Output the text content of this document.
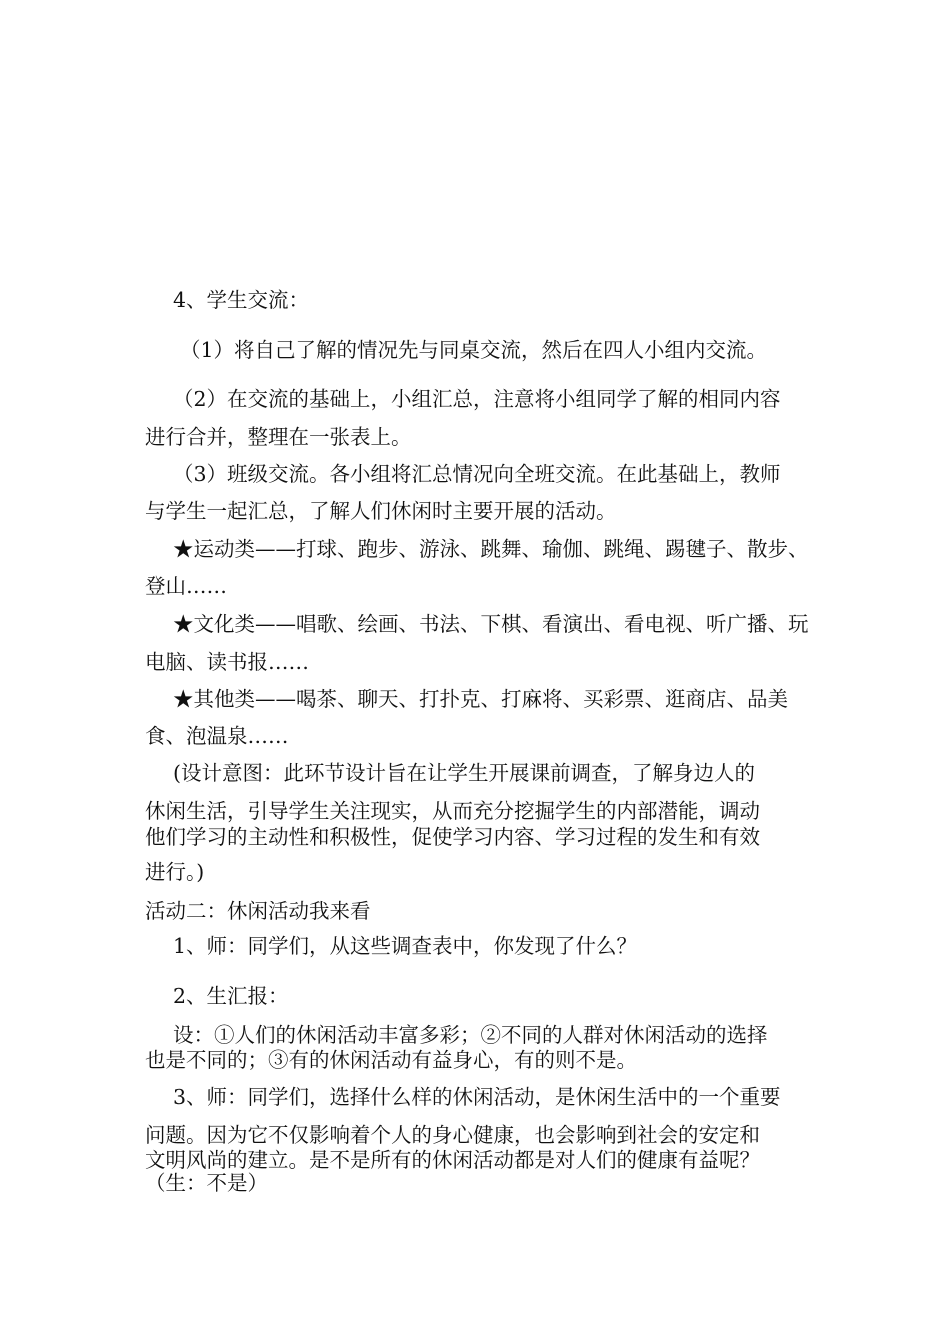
4、学生交流：
（1）将自己了解的情况先与同桌交流，然后在四人小组内交流。
（2）在交流的基础上，小组汇总，注意将小组同学了解的相同内容
进行合并，整理在一张表上。
（3）班级交流。各小组将汇总情况向全班交流。在此基础上，教师
与学生一起汇总，了解人们休闲时主要开展的活动。
★运动类——打球、跑步、游泳、跳舞、瑜伽、跳绳、踢毽子、散步、
登山……
★文化类——唱歌、绘画、书法、下棋、看演出、看电视、听广播、玩
电脑、读书报……
★其他类——喝茶、聊天、打扑克、打麻将、买彩票、逛商店、品美
食、泡温泉……
(设计意图：此环节设计旨在让学生开展课前调查，了解身边人的
休闲生活，引导学生关注现实，从而充分挖掘学生的内部潜能，调动
他们学习的主动性和积极性，促使学习内容、学习过程的发生和有效
进行。)
活动二：休闲活动我来看
1、师：同学们，从这些调查表中，你发现了什么？
2、生汇报：
设：①人们的休闲活动丰富多彩；②不同的人群对休闲活动的选择
也是不同的；③有的休闲活动有益身心，有的则不是。
3、师：同学们，选择什么样的休闲活动，是休闲生活中的一个重要
问题。因为它不仅影响着个人的身心健康，也会影响到社会的安定和
文明风尚的建立。是不是所有的休闲活动都是对人们的健康有益呢？
（生：不是）
